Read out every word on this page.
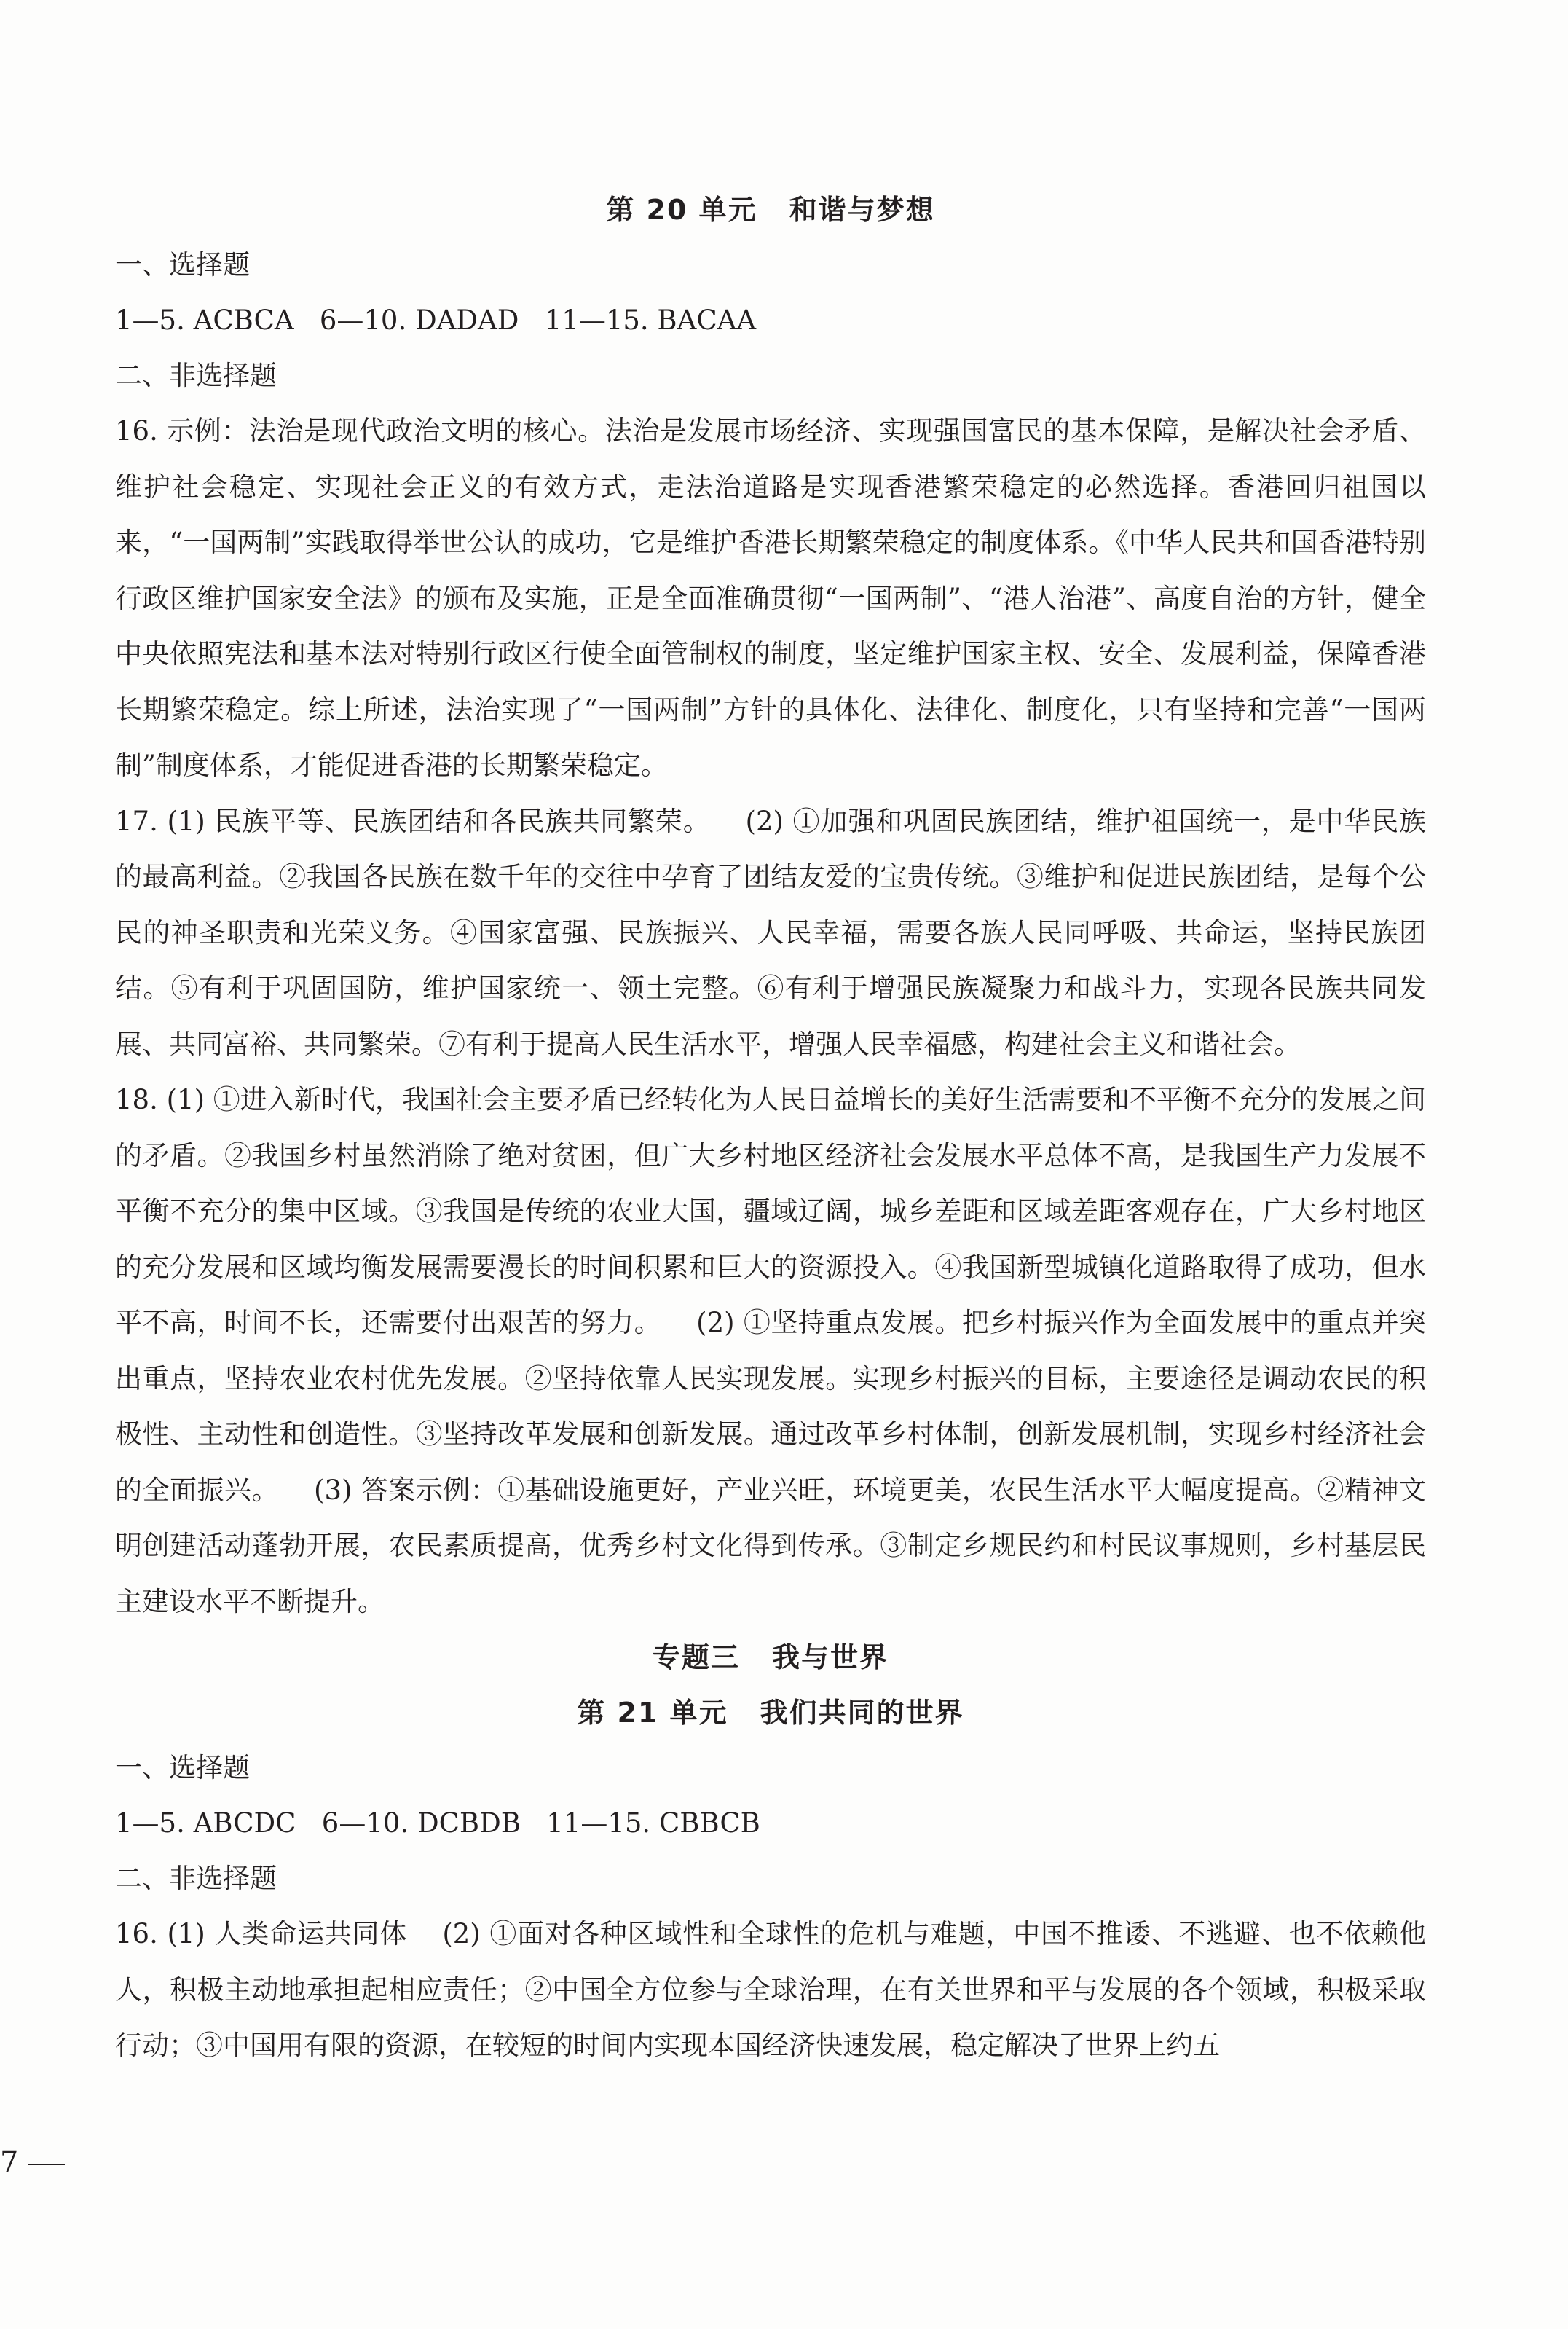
第 20 单元 和谐与梦想

一、选择题

1—5. ACBCA 6—10. DADAD 11—15. BACAA

二、非选择题

16. 示例：法治是现代政治文明的核心。法治是发展市场经济、实现强国富民的基本保障，是解决社会矛盾、维护社会稳定、实现社会正义的有效方式，走法治道路是实现香港繁荣稳定的必然选择。香港回归祖国以来，“一国两制”实践取得举世公认的成功，它是维护香港长期繁荣稳定的制度体系。《中华人民共和国香港特别行政区维护国家安全法》的颁布及实施，正是全面准确贯彻“一国两制”、“港人治港”、高度自治的方针，健全中央依照宪法和基本法对特别行政区行使全面管制权的制度，坚定维护国家主权、安全、发展利益，保障香港长期繁荣稳定。综上所述，法治实现了“一国两制”方针的具体化、法律化、制度化，只有坚持和完善“一国两制”制度体系，才能促进香港的长期繁荣稳定。

17. (1) 民族平等、民族团结和各民族共同繁荣。 (2) ①加强和巩固民族团结，维护祖国统一，是中华民族的最高利益。②我国各民族在数千年的交往中孕育了团结友爱的宝贵传统。③维护和促进民族团结，是每个公民的神圣职责和光荣义务。④国家富强、民族振兴、人民幸福，需要各族人民同呼吸、共命运，坚持民族团结。⑤有利于巩固国防，维护国家统一、领土完整。⑥有利于增强民族凝聚力和战斗力，实现各民族共同发展、共同富裕、共同繁荣。⑦有利于提高人民生活水平，增强人民幸福感，构建社会主义和谐社会。

18. (1) ①进入新时代，我国社会主要矛盾已经转化为人民日益增长的美好生活需要和不平衡不充分的发展之间的矛盾。②我国乡村虽然消除了绝对贫困，但广大乡村地区经济社会发展水平总体不高，是我国生产力发展不平衡不充分的集中区域。③我国是传统的农业大国，疆域辽阔，城乡差距和区域差距客观存在，广大乡村地区的充分发展和区域均衡发展需要漫长的时间积累和巨大的资源投入。④我国新型城镇化道路取得了成功，但水平不高，时间不长，还需要付出艰苦的努力。 (2) ①坚持重点发展。把乡村振兴作为全面发展中的重点并突出重点，坚持农业农村优先发展。②坚持依靠人民实现发展。实现乡村振兴的目标，主要途径是调动农民的积极性、主动性和创造性。③坚持改革发展和创新发展。通过改革乡村体制，创新发展机制，实现乡村经济社会的全面振兴。 (3) 答案示例：①基础设施更好，产业兴旺，环境更美，农民生活水平大幅度提高。②精神文明创建活动蓬勃开展，农民素质提高，优秀乡村文化得到传承。③制定乡规民约和村民议事规则，乡村基层民主建设水平不断提升。

专题三 我与世界
第 21 单元 我们共同的世界

一、选择题

1—5. ABCDC 6—10. DCBDB 11—15. CBBCB

二、非选择题

16. (1) 人类命运共同体 (2) ①面对各种区域性和全球性的危机与难题，中国不推诿、不逃避、也不依赖他人，积极主动地承担起相应责任；②中国全方位参与全球治理，在有关世界和平与发展的各个领域，积极采取行动；③中国用有限的资源，在较短的时间内实现本国经济快速发展，稳定解决了世界上约五

7
